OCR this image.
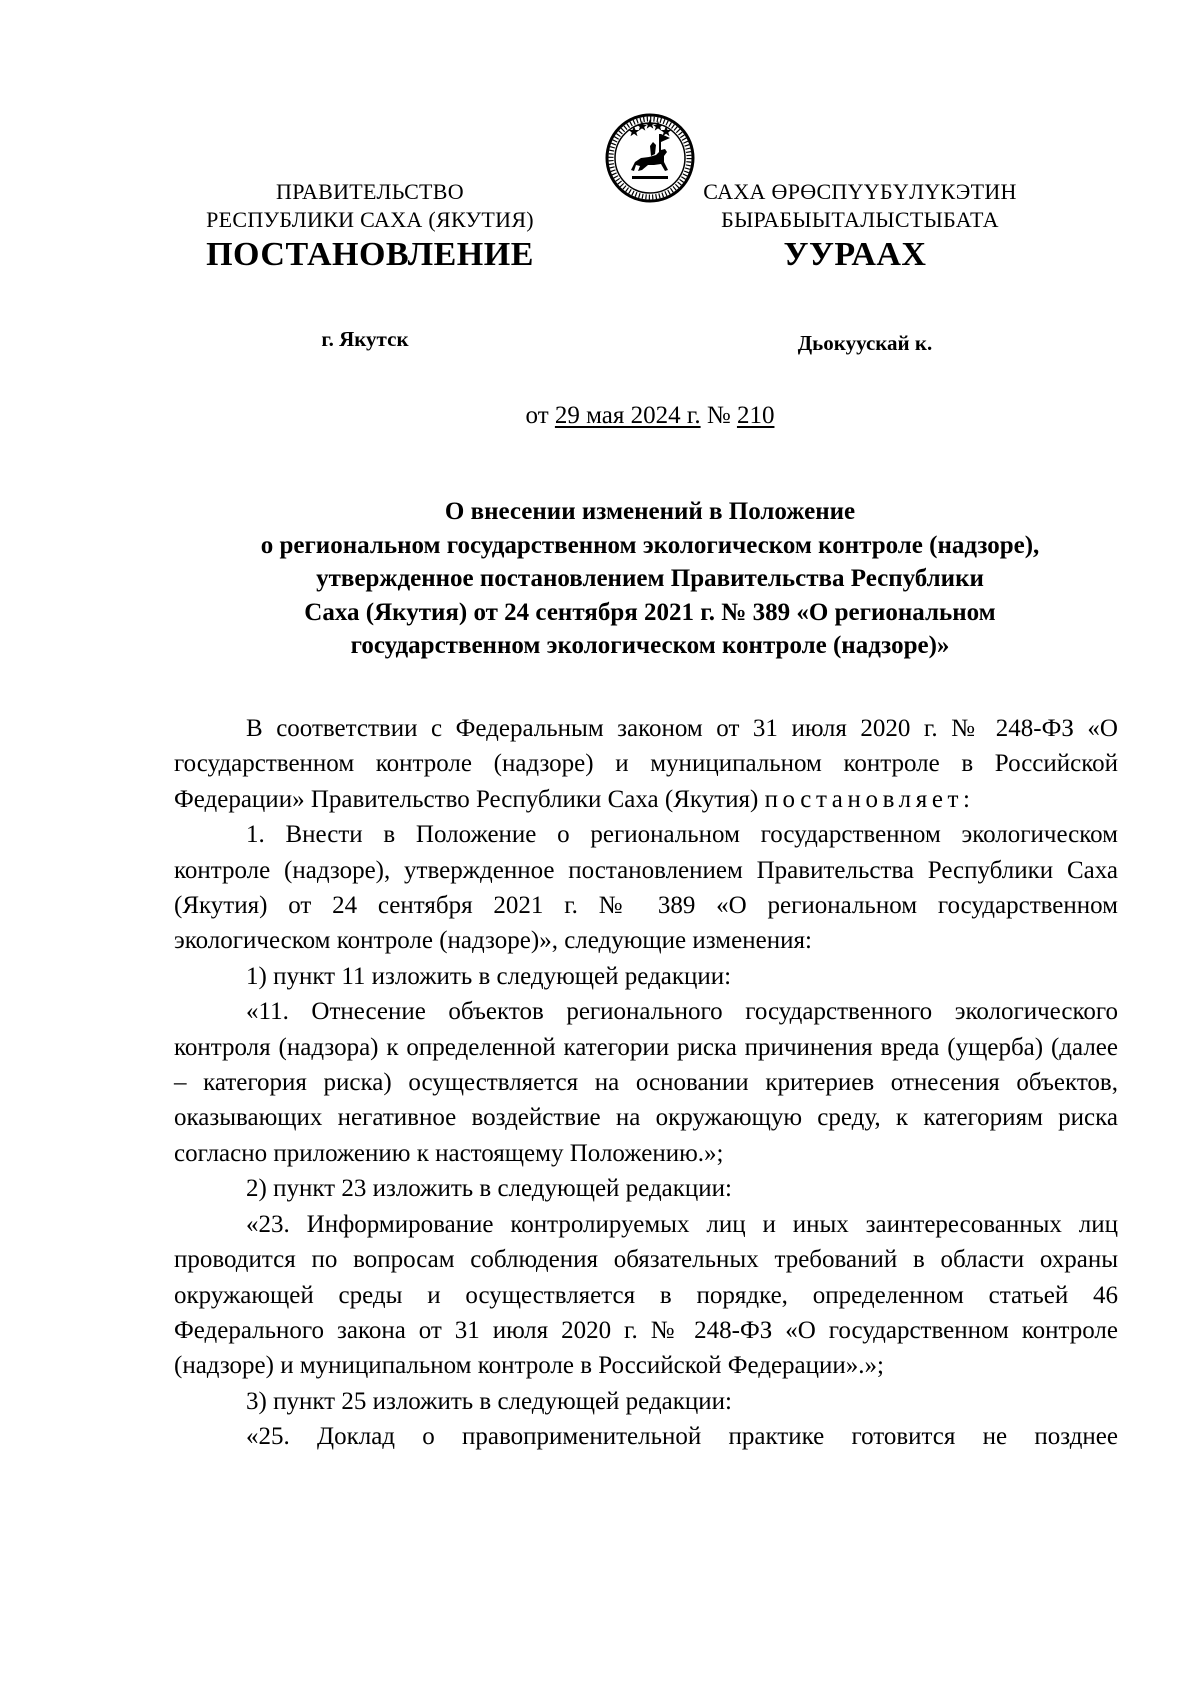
ПРАВИТЕЛЬСТВО
РЕСПУБЛИКИ САХА (ЯКУТИЯ)
САХА ӨРӨСПҮҮБҮЛҮКЭТИН
БЫРАБЫЫТАЛЫСТЫБАТА
ПОСТАНОВЛЕНИЕ	УУРААХ
г. Якутск	Дьокуускай к.
от 29 мая 2024 г. № 210
О внесении изменений в Положение
о региональном государственном экологическом контроле (надзоре),
утвержденное постановлением Правительства Республики
Саха (Якутия) от 24 сентября 2021 г. № 389 «О региональном
государственном экологическом контроле (надзоре)»

В соответствии с Федеральным законом от 31 июля 2020 г. № 248-ФЗ «О государственном контроле (надзоре) и муниципальном контроле в Российской Федерации» Правительство Республики Саха (Якутия) постановляет:

1. Внести в Положение о региональном государственном экологическом контроле (надзоре), утвержденное постановлением Правительства Республики Саха (Якутия) от 24 сентября 2021 г. № 389 «О региональном государственном экологическом контроле (надзоре)», следующие изменения:

1) пункт 11 изложить в следующей редакции:

«11. Отнесение объектов регионального государственного экологического контроля (надзора) к определенной категории риска причинения вреда (ущерба) (далее – категория риска) осуществляется на основании критериев отнесения объектов, оказывающих негативное воздействие на окружающую среду, к категориям риска согласно приложению к настоящему Положению.»;

2) пункт 23 изложить в следующей редакции:

«23. Информирование контролируемых лиц и иных заинтересованных лиц проводится по вопросам соблюдения обязательных требований в области охраны окружающей среды и осуществляется в порядке, определенном статьей 46 Федерального закона от 31 июля 2020 г. № 248-ФЗ «О государственном контроле (надзоре) и муниципальном контроле в Российской Федерации».»;

3) пункт 25 изложить в следующей редакции:

«25. Доклад о правоприменительной практике готовится не позднее
